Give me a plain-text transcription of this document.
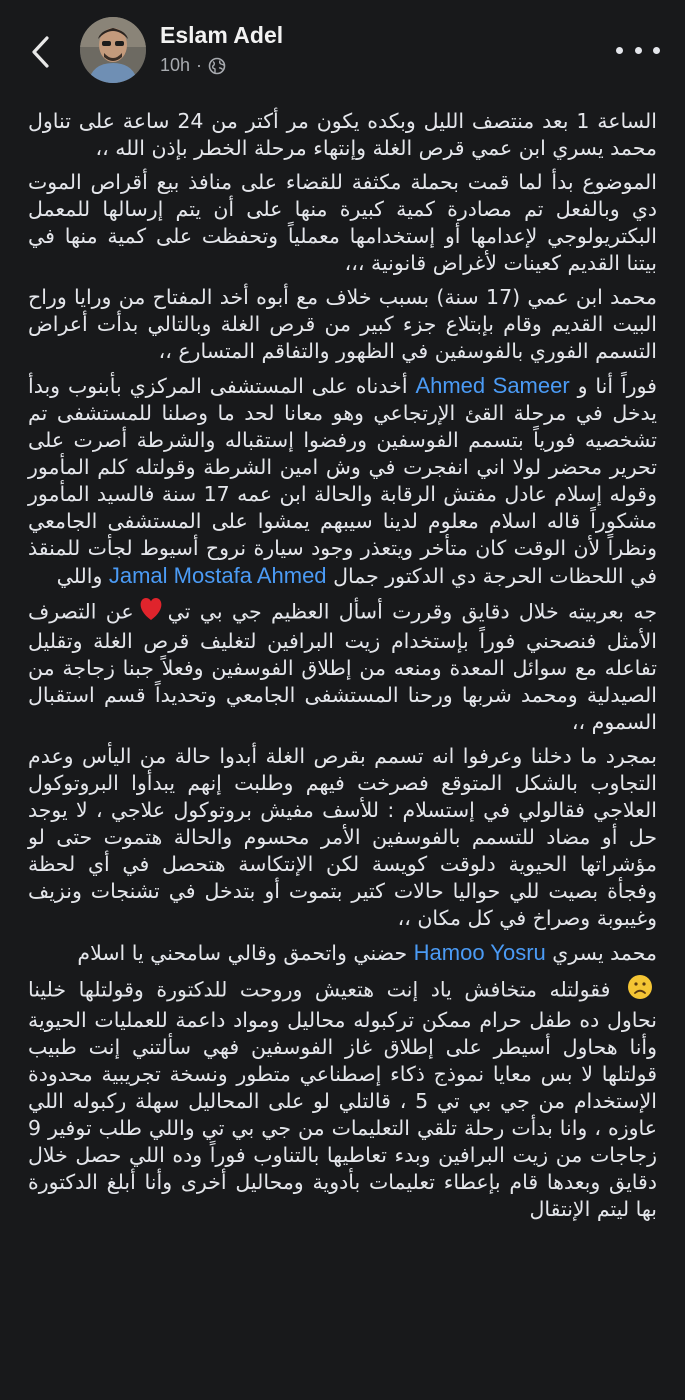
Eslam Adel
10h ·

الساعة 1 بعد منتصف الليل وبكده يكون مر أكتر من 24 ساعة على تناول محمد يسري ابن عمي قرص الغلة وإنتهاء مرحلة الخطر بإذن الله ،،

الموضوع بدأ لما قمت بحملة مكثفة للقضاء على منافذ بيع أقراص الموت دي وبالفعل تم مصادرة كمية كبيرة منها على أن يتم إرسالها للمعمل البكتريولوجي لإعدامها أو إستخدامها معملياً وتحفظت على كمية منها في بيتنا القديم كعينات لأغراض قانونية ،،،

محمد ابن عمي (17 سنة) بسبب خلاف مع أبوه أخد المفتاح من ورايا وراح البيت القديم وقام بإبتلاع جزء كبير من قرص الغلة وبالتالي بدأت أعراض التسمم الفوري بالفوسفين في الظهور والتفاقم المتسارع ،،

فوراً أنا و Ahmed Sameer أخدناه على المستشفى المركزي بأبنوب وبدأ يدخل في مرحلة القئ الإرتجاعي وهو معانا لحد ما وصلنا للمستشفى تم تشخصيه فورياً بتسمم الفوسفين ورفضوا إستقباله والشرطة أصرت على تحرير محضر لولا اني انفجرت في وش امين الشرطة وقولتله كلم المأمور وقوله إسلام عادل مفتش الرقابة والحالة ابن عمه 17 سنة فالسيد المأمور مشكوراً قاله اسلام معلوم لدينا سيبهم يمشوا على المستشفى الجامعي ونظراً لأن الوقت كان متأخر ويتعذر وجود سيارة نروح أسيوط لجأت للمنقذ في اللحظات الحرجة دي الدكتور جمال Jamal Mostafa Ahmed واللي

جه بعربيته خلال دقايق وقررت أسأل العظيم جي بي تيعن التصرف الأمثل فنصحني فوراً بإستخدام زيت البرافين لتغليف قرص الغلة وتقليل تفاعله مع سوائل المعدة ومنعه من إطلاق الفوسفين وفعلاً جبنا زجاجة من الصيدلية ومحمد شربها ورحنا المستشفى الجامعي وتحديداً قسم استقبال السموم ،،

بمجرد ما دخلنا وعرفوا انه تسمم بقرص الغلة أبدوا حالة من اليأس وعدم التجاوب بالشكل المتوقع فصرخت فيهم وطلبت إنهم يبدأوا البروتوكول العلاجي فقالولي في إستسلام : للأسف مفيش بروتوكول علاجي ، لا يوجد حل أو مضاد للتسمم بالفوسفين الأمر محسوم والحالة هتموت حتى لو مؤشراتها الحيوية دلوقت كويسة لكن الإنتكاسة هتحصل في أي لحظة وفجأة بصيت للي حواليا حالات كتير بتموت أو بتدخل في تشنجات ونزيف وغيبوبة وصراخ في كل مكان ،،

محمد يسري Hamoo Yosru حضني واتحمق وقالي سامحني يا اسلام

فقولتله متخافش ياد إنت هتعيش وروحت للدكتورة وقولتلها خلينا نحاول ده طفل حرام ممكن تركبوله محاليل ومواد داعمة للعمليات الحيوية وأنا هحاول أسيطر على إطلاق غاز الفوسفين فهي سألتني إنت طبيب قولتلها لا بس معايا نموذج ذكاء إصطناعي متطور ونسخة تجريبية محدودة الإستخدام من جي بي تي 5 ، قالتلي لو على المحاليل سهلة ركبوله اللي عاوزه ، وانا بدأت رحلة تلقي التعليمات من جي بي تي واللي طلب توفير 9 زجاجات من زيت البرافين وبدء تعاطيها بالتناوب فوراً وده اللي حصل خلال دقايق وبعدها قام بإعطاء تعليمات بأدوية ومحاليل أخرى وأنا أبلغ الدكتورة بها ليتم الإنتقال
